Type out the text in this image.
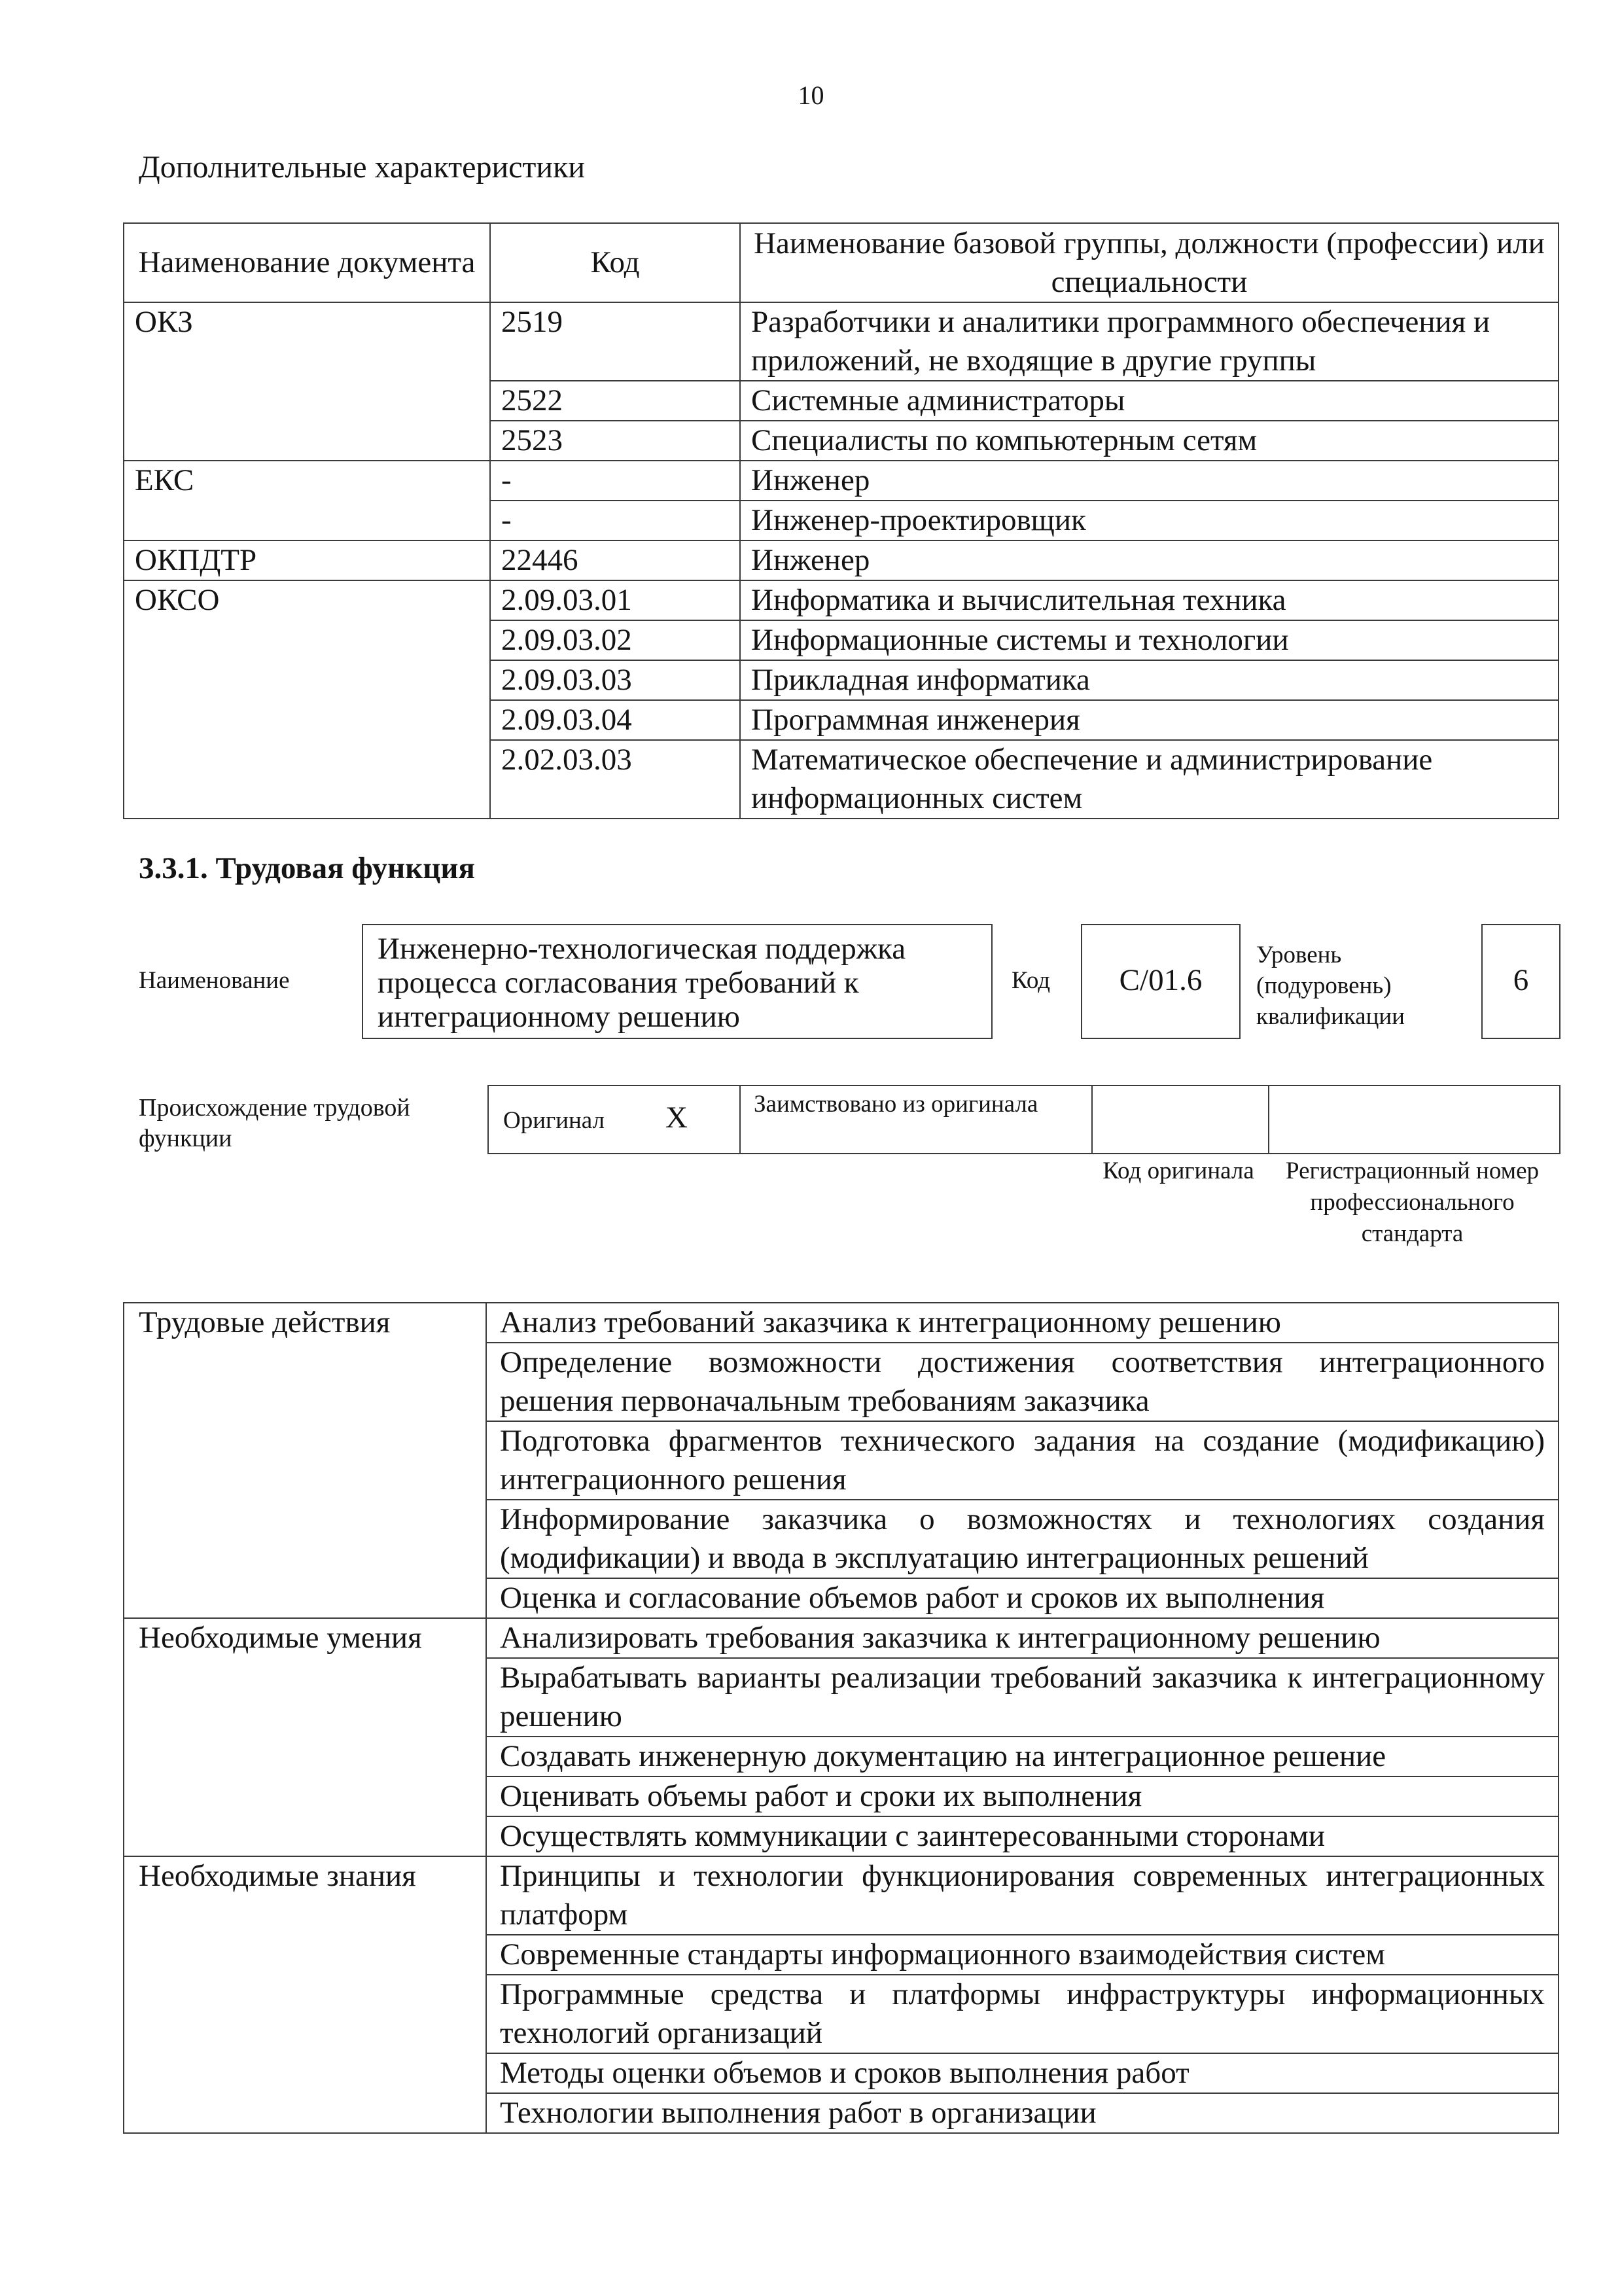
10
Дополнительные характеристики
Наименование документа	Код	Наименование базовой группы, должности (профессии) или специальности
ОКЗ	2519	Разработчики и аналитики программного обеспечения и приложений, не входящие в другие группы
	2522	Системные администраторы
	2523	Специалисты по компьютерным сетям
ЕКС	-	Инженер
	-	Инженер-проектировщик
ОКПДТР	22446	Инженер
ОКСО	2.09.03.01	Информатика и вычислительная техника
	2.09.03.02	Информационные системы и технологии
	2.09.03.03	Прикладная информатика
	2.09.03.04	Программная инженерия
	2.02.03.03	Математическое обеспечение и администрирование информационных систем
3.3.1. Трудовая функция
Наименование
Инженерно-технологическая поддержка процесса согласования требований к интеграционному решению
Код	C/01.6
Уровень (подуровень) квалификации
6
Происхождение трудовой функции
Оригинал X	Заимствовано из оригинала
Код оригинала	Регистрационный номер профессионального стандарта
Трудовые действия	Анализ требований заказчика к интеграционному решению
	Определение возможности достижения соответствия интеграционного решения первоначальным требованиям заказчика
	Подготовка фрагментов технического задания на создание (модификацию) интеграционного решения
	Информирование заказчика о возможностях и технологиях создания (модификации) и ввода в эксплуатацию интеграционных решений
	Оценка и согласование объемов работ и сроков их выполнения
Необходимые умения	Анализировать требования заказчика к интеграционному решению
	Вырабатывать варианты реализации требований заказчика к интеграционному решению
	Создавать инженерную документацию на интеграционное решение
	Оценивать объемы работ и сроки их выполнения
	Осуществлять коммуникации с заинтересованными сторонами
Необходимые знания	Принципы и технологии функционирования современных интеграционных платформ
	Современные стандарты информационного взаимодействия систем
	Программные средства и платформы инфраструктуры информационных технологий организаций
	Методы оценки объемов и сроков выполнения работ
	Технологии выполнения работ в организации
